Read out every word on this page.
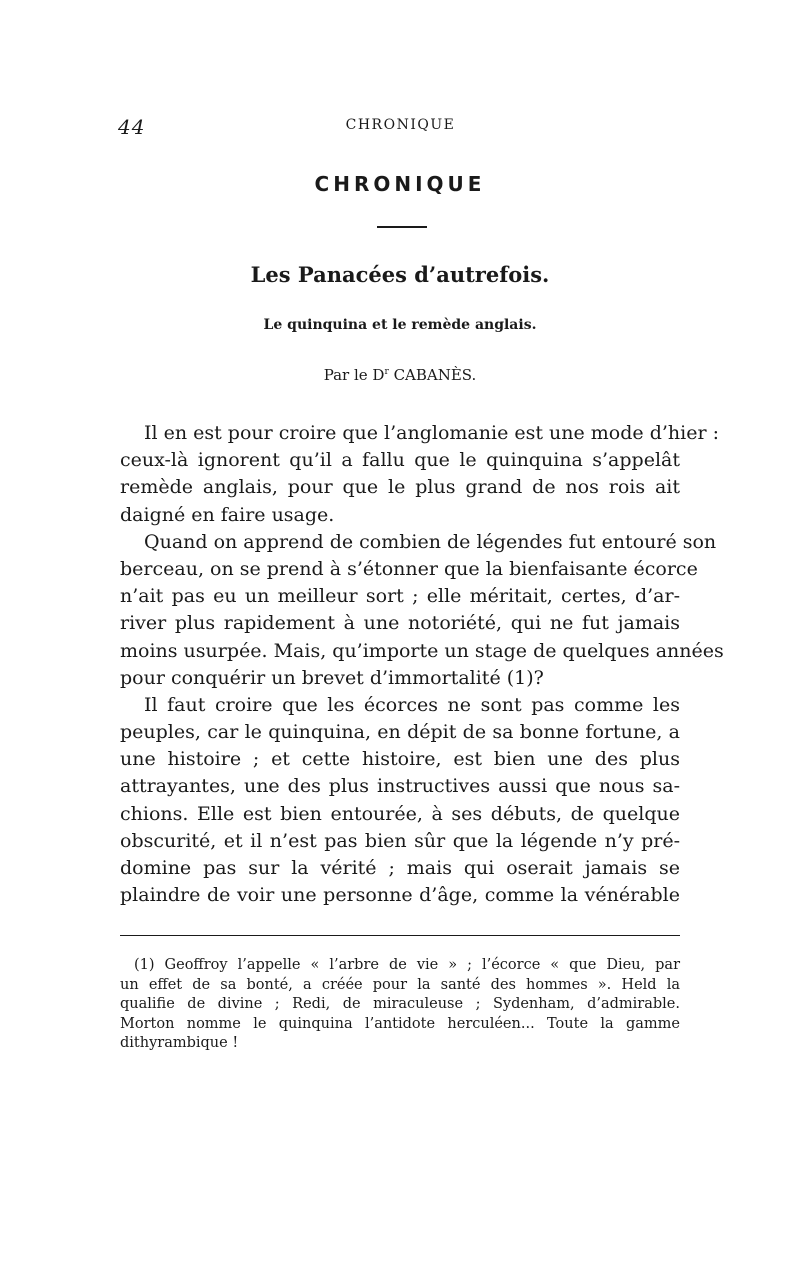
44	CHRONIQUE
CHRONIQUE
Les Panacées d’autrefois.
Le quinquina et le remède anglais.
Par le $D^r$ CABANÈS.
Il en est pour croire que l’anglomanie est une mode d’hier :
ceux-là ignorent qu’il a fallu que le quinquina s’appelât
remède anglais, pour que le plus grand de nos rois ait
daigné en faire usage.
Quand on apprend de combien de légendes fut entouré son
berceau, on se prend à s’étonner que la bienfaisante écorce
n’ait pas eu un meilleur sort ; elle méritait, certes, d’ar-
river plus rapidement à une notoriété, qui ne fut jamais
moins usurpée. Mais, qu’importe un stage de quelques années
pour conquérir un brevet d’immortalité (1)?
Il faut croire que les écorces ne sont pas comme les
peuples, car le quinquina, en dépit de sa bonne fortune, a
une histoire ; et cette histoire, est bien une des plus
attrayantes, une des plus instructives aussi que nous sa-
chions. Elle est bien entourée, à ses débuts, de quelque
obscurité, et il n’est pas bien sûr que la légende n’y pré-
domine pas sur la vérité ; mais qui oserait jamais se
plaindre de voir une personne d’âge, comme la vénérable
(1) Geoffroy l’appelle « l’arbre de vie » ; l’écorce « que Dieu, par
un effet de sa bonté, a créée pour la santé des hommes ». Held la
qualifie de divine ; Redi, de miraculeuse ; Sydenham, d’admirable.
Morton nomme le quinquina l’antidote herculéen... Toute la gamme
dithyrambique !
